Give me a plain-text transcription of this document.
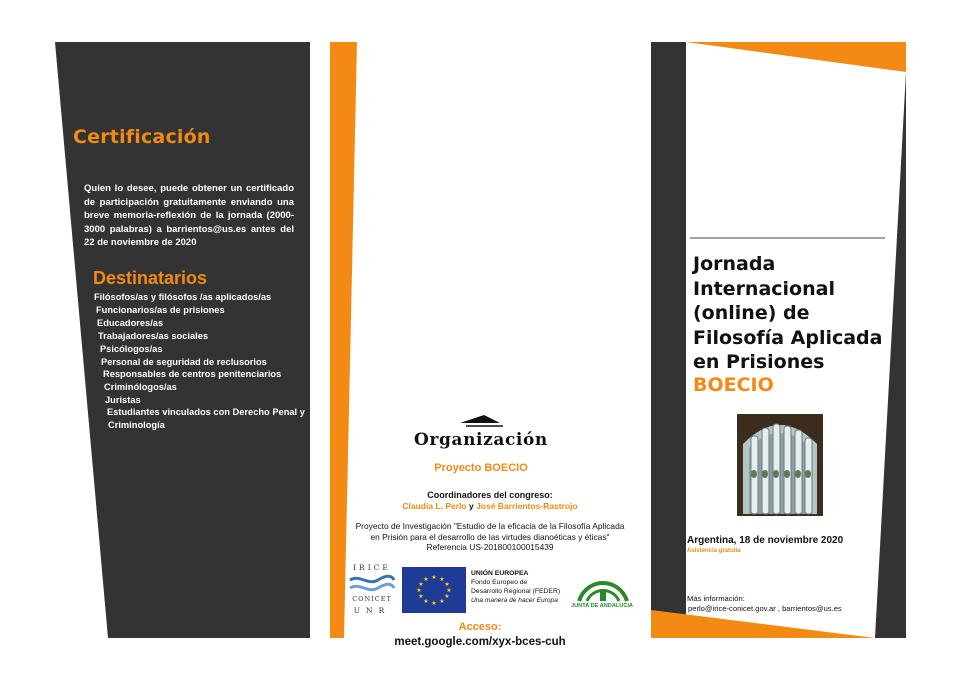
Certificación
Quien lo desee, puede obtener un certificado de participación gratuitamente enviando una breve memoria-reflexión de la jornada (2000-3000 palabras) a barrientos@us.es antes del 22 de noviembre de 2020
Destinatarios
Filósofos/as y filósofos /as aplicados/as
Funcionarios/as de prisiones
Educadores/as
Trabajadores/as sociales
Psicólogos/as
Personal de seguridad de reclusorios
Responsables de centros penitenciarios
Criminólogos/as
Juristas
Estudiantes vinculados con Derecho Penal y
Criminología
Organización
Proyecto BOECIO
Coordinadores del congreso:
Claudia L. Perlo y José Barrientos-Rastrojo
Proyecto de Investigación "Estudio de la eficacia de la Filosofía Aplicada
en Prisión para el desarrollo de las virtudes dianoéticas y éticas"
Referencia US-201800100015439
IRICE
CONICET
UNR
★ ★
★
★
★
★
★
★
★
★
★
★
UNIÓN EUROPEA
Fondo Europeo de
Desarrollo Regional (FEDER)
Una manera de hacer Europa
JUNTA DE ANDALUCIA
Acceso:
meet.google.com/xyx-bces-cuh
Jornada
Internacional
(online) de
Filosofía Aplicada
en Prisiones
BOECIO
Argentina, 18 de noviembre 2020
Asistencia gratuita
Más información:
perlo@irice-conicet.gov.ar , barrientos@us.es
